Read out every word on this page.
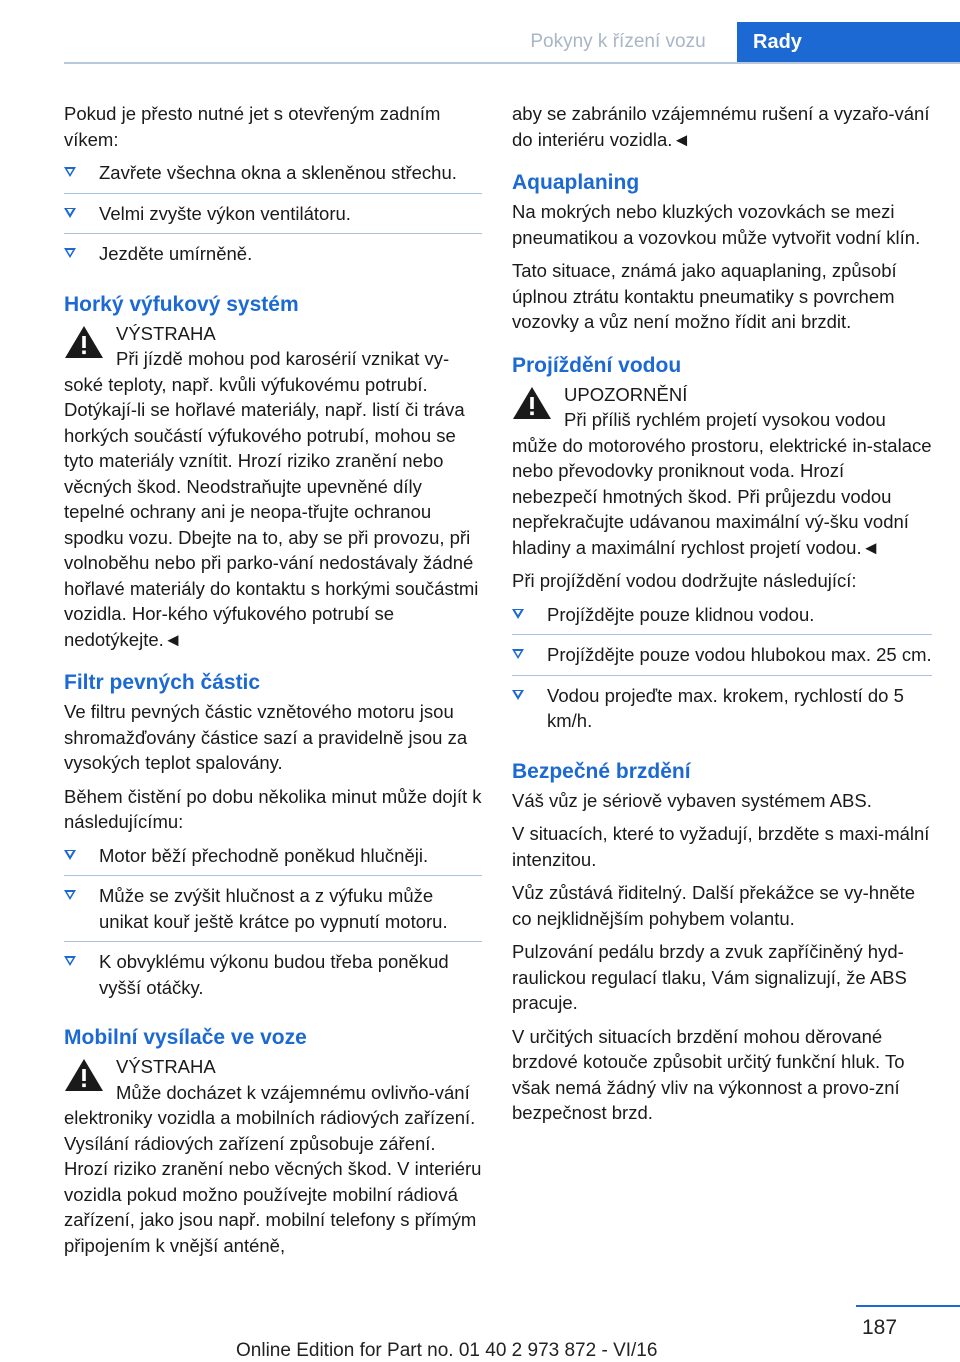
Pokyny k řízení vozu	Rady

Pokud je přesto nutné jet s otevřeným zadním víkem:

Zavřete všechna okna a skleněnou střechu.
Velmi zvyšte výkon ventilátoru.
Jezděte umírněně.
Horký výfukový systém
VÝSTRAHA

Při jízdě mohou pod karosérií vznikat vy-soké teploty, např. kvůli výfukovému potrubí. Dotýkají-li se hořlavé materiály, např. listí či tráva horkých součástí výfukového potrubí, mohou se tyto materiály vznítit. Hrozí riziko zranění nebo věcných škod. Neodstraňujte upevněné díly tepelné ochrany ani je neopa-třujte ochranou spodku vozu. Dbejte na to, aby se při provozu, při volnoběhu nebo při parko-vání nedostávaly žádné hořlavé materiály do kontaktu s horkými součástmi vozidla. Hor-kého výfukového potrubí se nedotýkejte.◄

Filtr pevných částic

Ve filtru pevných částic vznětového motoru jsou shromažďovány částice sazí a pravidelně jsou za vysokých teplot spalovány.

Během čistění po dobu několika minut může dojít k následujícímu:

Motor běží přechodně poněkud hlučněji.
Může se zvýšit hlučnost a z výfuku může unikat kouř ještě krátce po vypnutí motoru.
K obvyklému výkonu budou třeba poněkud vyšší otáčky.
Mobilní vysílače ve voze
VÝSTRAHA

Může docházet k vzájemnému ovlivňo-vání elektroniky vozidla a mobilních rádiových zařízení. Vysílání rádiových zařízení způsobuje záření. Hrozí riziko zranění nebo věcných škod. V interiéru vozidla pokud možno používejte mobilní rádiová zařízení, jako jsou např. mobilní telefony s přímým připojením k vnější anténě,

aby se zabránilo vzájemnému rušení a vyzařo-vání do interiéru vozidla.◄

Aquaplaning

Na mokrých nebo kluzkých vozovkách se mezi pneumatikou a vozovkou může vytvořit vodní klín.

Tato situace, známá jako aquaplaning, způsobí úplnou ztrátu kontaktu pneumatiky s povrchem vozovky a vůz není možno řídit ani brzdit.

Projíždění vodou
UPOZORNĚNÍ

Při příliš rychlém projetí vysokou vodou může do motorového prostoru, elektrické in-stalace nebo převodovky proniknout voda. Hrozí nebezpečí hmotných škod. Při průjezdu vodou nepřekračujte udávanou maximální vý-šku vodní hladiny a maximální rychlost projetí vodou.◄

Při projíždění vodou dodržujte následující:

Projíždějte pouze klidnou vodou.
Projíždějte pouze vodou hlubokou max. 25 cm.
Vodou projeďte max. krokem, rychlostí do 5 km/h.
Bezpečné brzdění

Váš vůz je sériově vybaven systémem ABS.

V situacích, které to vyžadují, brzděte s maxi-mální intenzitou.

Vůz zůstává řiditelný. Další překážce se vy-hněte co nejklidnějším pohybem volantu.

Pulzování pedálu brzdy a zvuk zapříčiněný hyd-raulickou regulací tlaku, Vám signalizují, že ABS pracuje.

V určitých situacích brzdění mohou děrované brzdové kotouče způsobit určitý funkční hluk. To však nemá žádný vliv na výkonnost a provo-zní bezpečnost brzd.

187
Online Edition for Part no. 01 40 2 973 872 - VI/16
